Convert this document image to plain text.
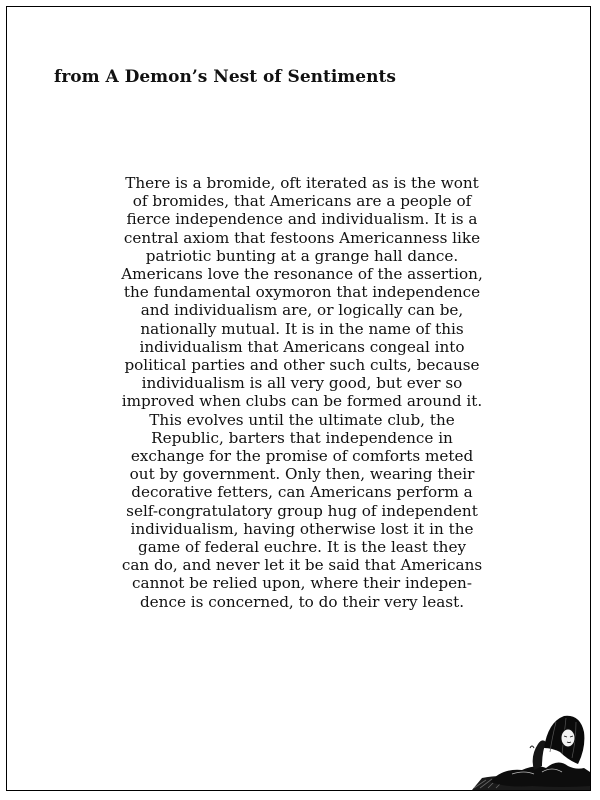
from A Demon’s Nest of Sentiments
There is a bromide, oft iterated as is the wont
of bromides, that Americans are a people of
fierce independence and individualism. It is a
central axiom that festoons Americanness like
patriotic bunting at a grange hall dance.
Americans love the resonance of the assertion,
the fundamental oxymoron that independence
and individualism are, or logically can be,
nationally mutual. It is in the name of this
individualism that Americans congeal into
political parties and other such cults, because
individualism is all very good, but ever so
improved when clubs can be formed around it.
This evolves until the ultimate club, the
Republic, barters that independence in
exchange for the promise of comforts meted
out by government. Only then, wearing their
decorative fetters, can Americans perform a
self-congratulatory group hug of independent
individualism, having otherwise lost it in the
game of federal euchre. It is the least they
can do, and never let it be said that Americans
cannot be relied upon, where their indepen-
dence is concerned, to do their very least.
